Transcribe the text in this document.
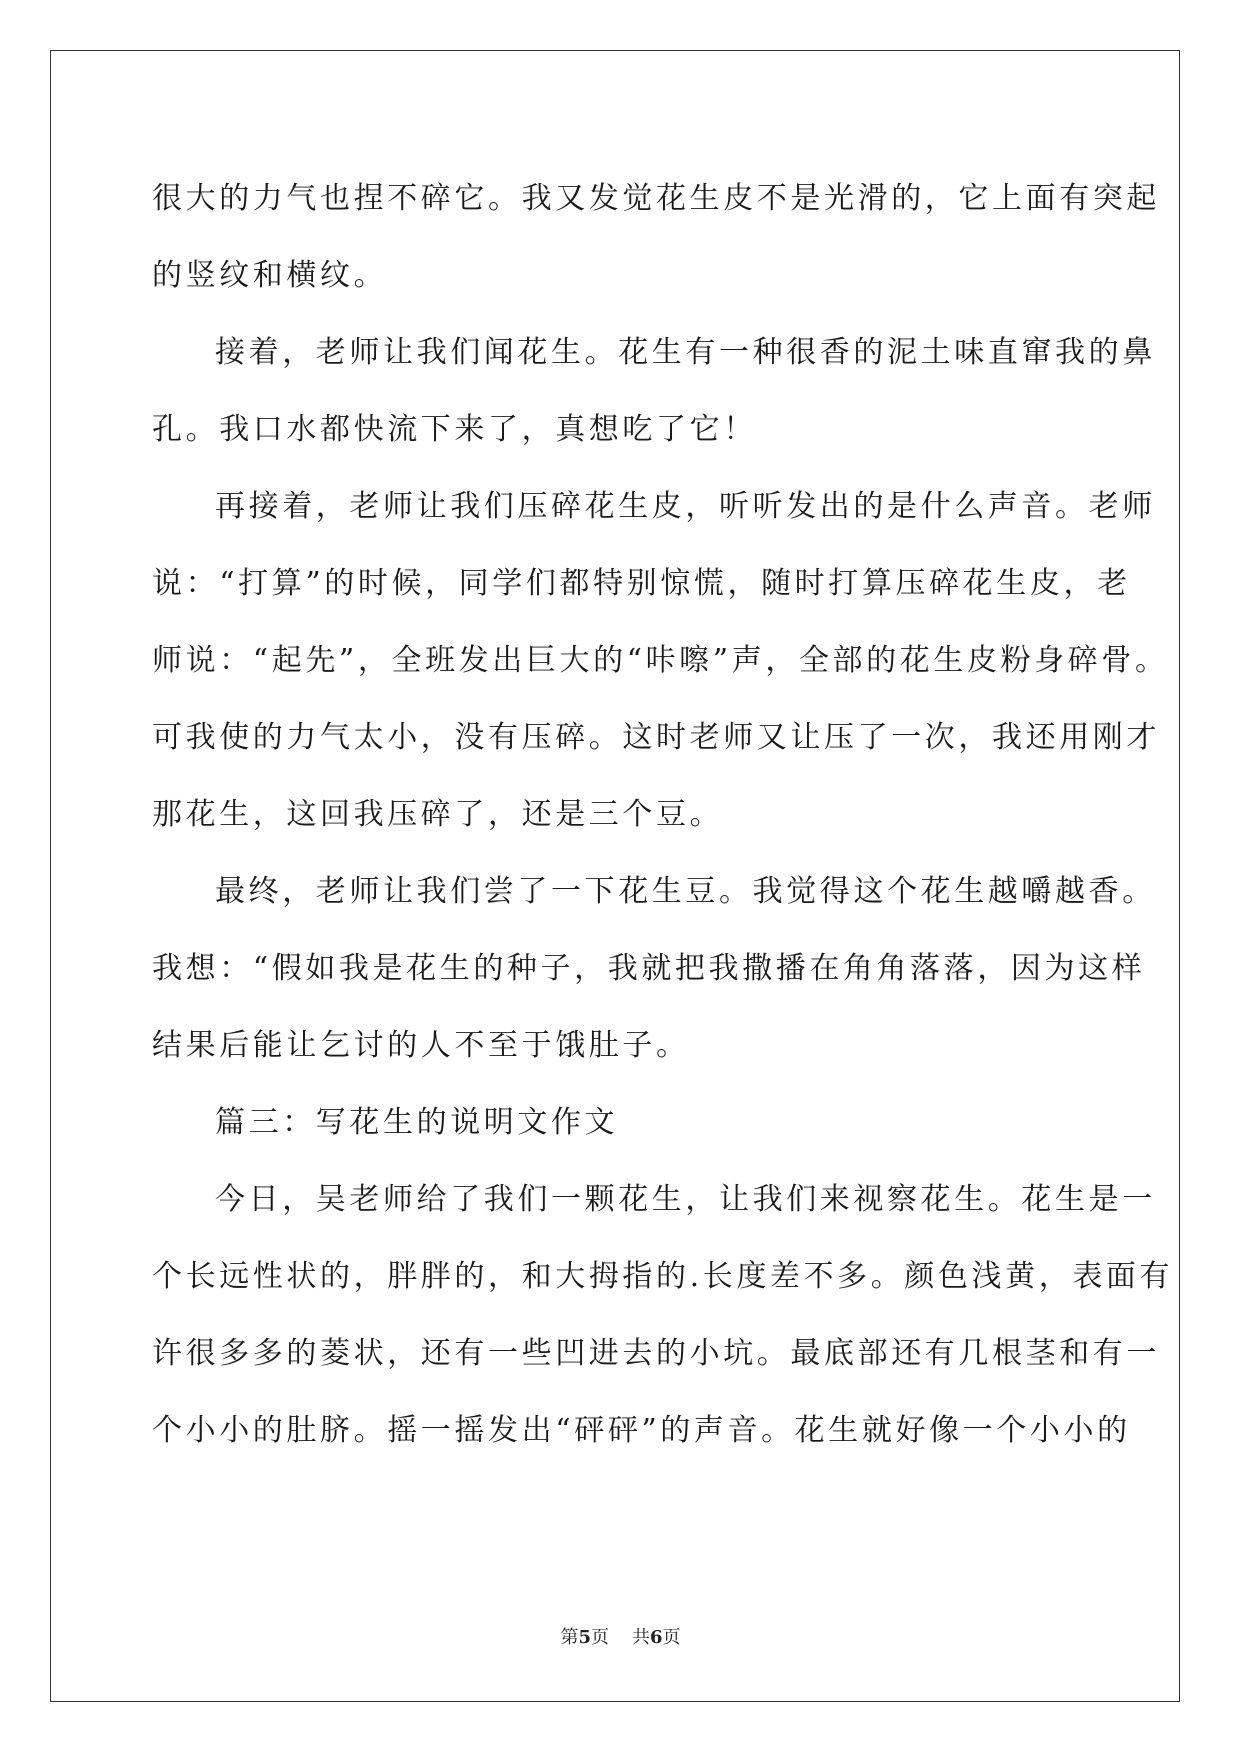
很大的力气也捏不碎它。我又发觉花生皮不是光滑的，它上面有突起
的竖纹和横纹。
接着，老师让我们闻花生。花生有一种很香的泥土味直窜我的鼻
孔。我口水都快流下来了，真想吃了它！
再接着，老师让我们压碎花生皮，听听发出的是什么声音。老师
说：“打算”的时候，同学们都特别惊慌，随时打算压碎花生皮，老
师说：“起先”，全班发出巨大的“咔嚓”声，全部的花生皮粉身碎骨。
可我使的力气太小，没有压碎。这时老师又让压了一次，我还用刚才
那花生，这回我压碎了，还是三个豆。
最终，老师让我们尝了一下花生豆。我觉得这个花生越嚼越香。
我想：“假如我是花生的种子，我就把我撒播在角角落落，因为这样
结果后能让乞讨的人不至于饿肚子。
篇三：写花生的说明文作文
今日，吴老师给了我们一颗花生，让我们来视察花生。花生是一
个长远性状的，胖胖的，和大拇指的.长度差不多。颜色浅黄，表面有
许很多多的菱状，还有一些凹进去的小坑。最底部还有几根茎和有一
个小小的肚脐。摇一摇发出“砰砰”的声音。花生就好像一个小小的
第5页 共6页
